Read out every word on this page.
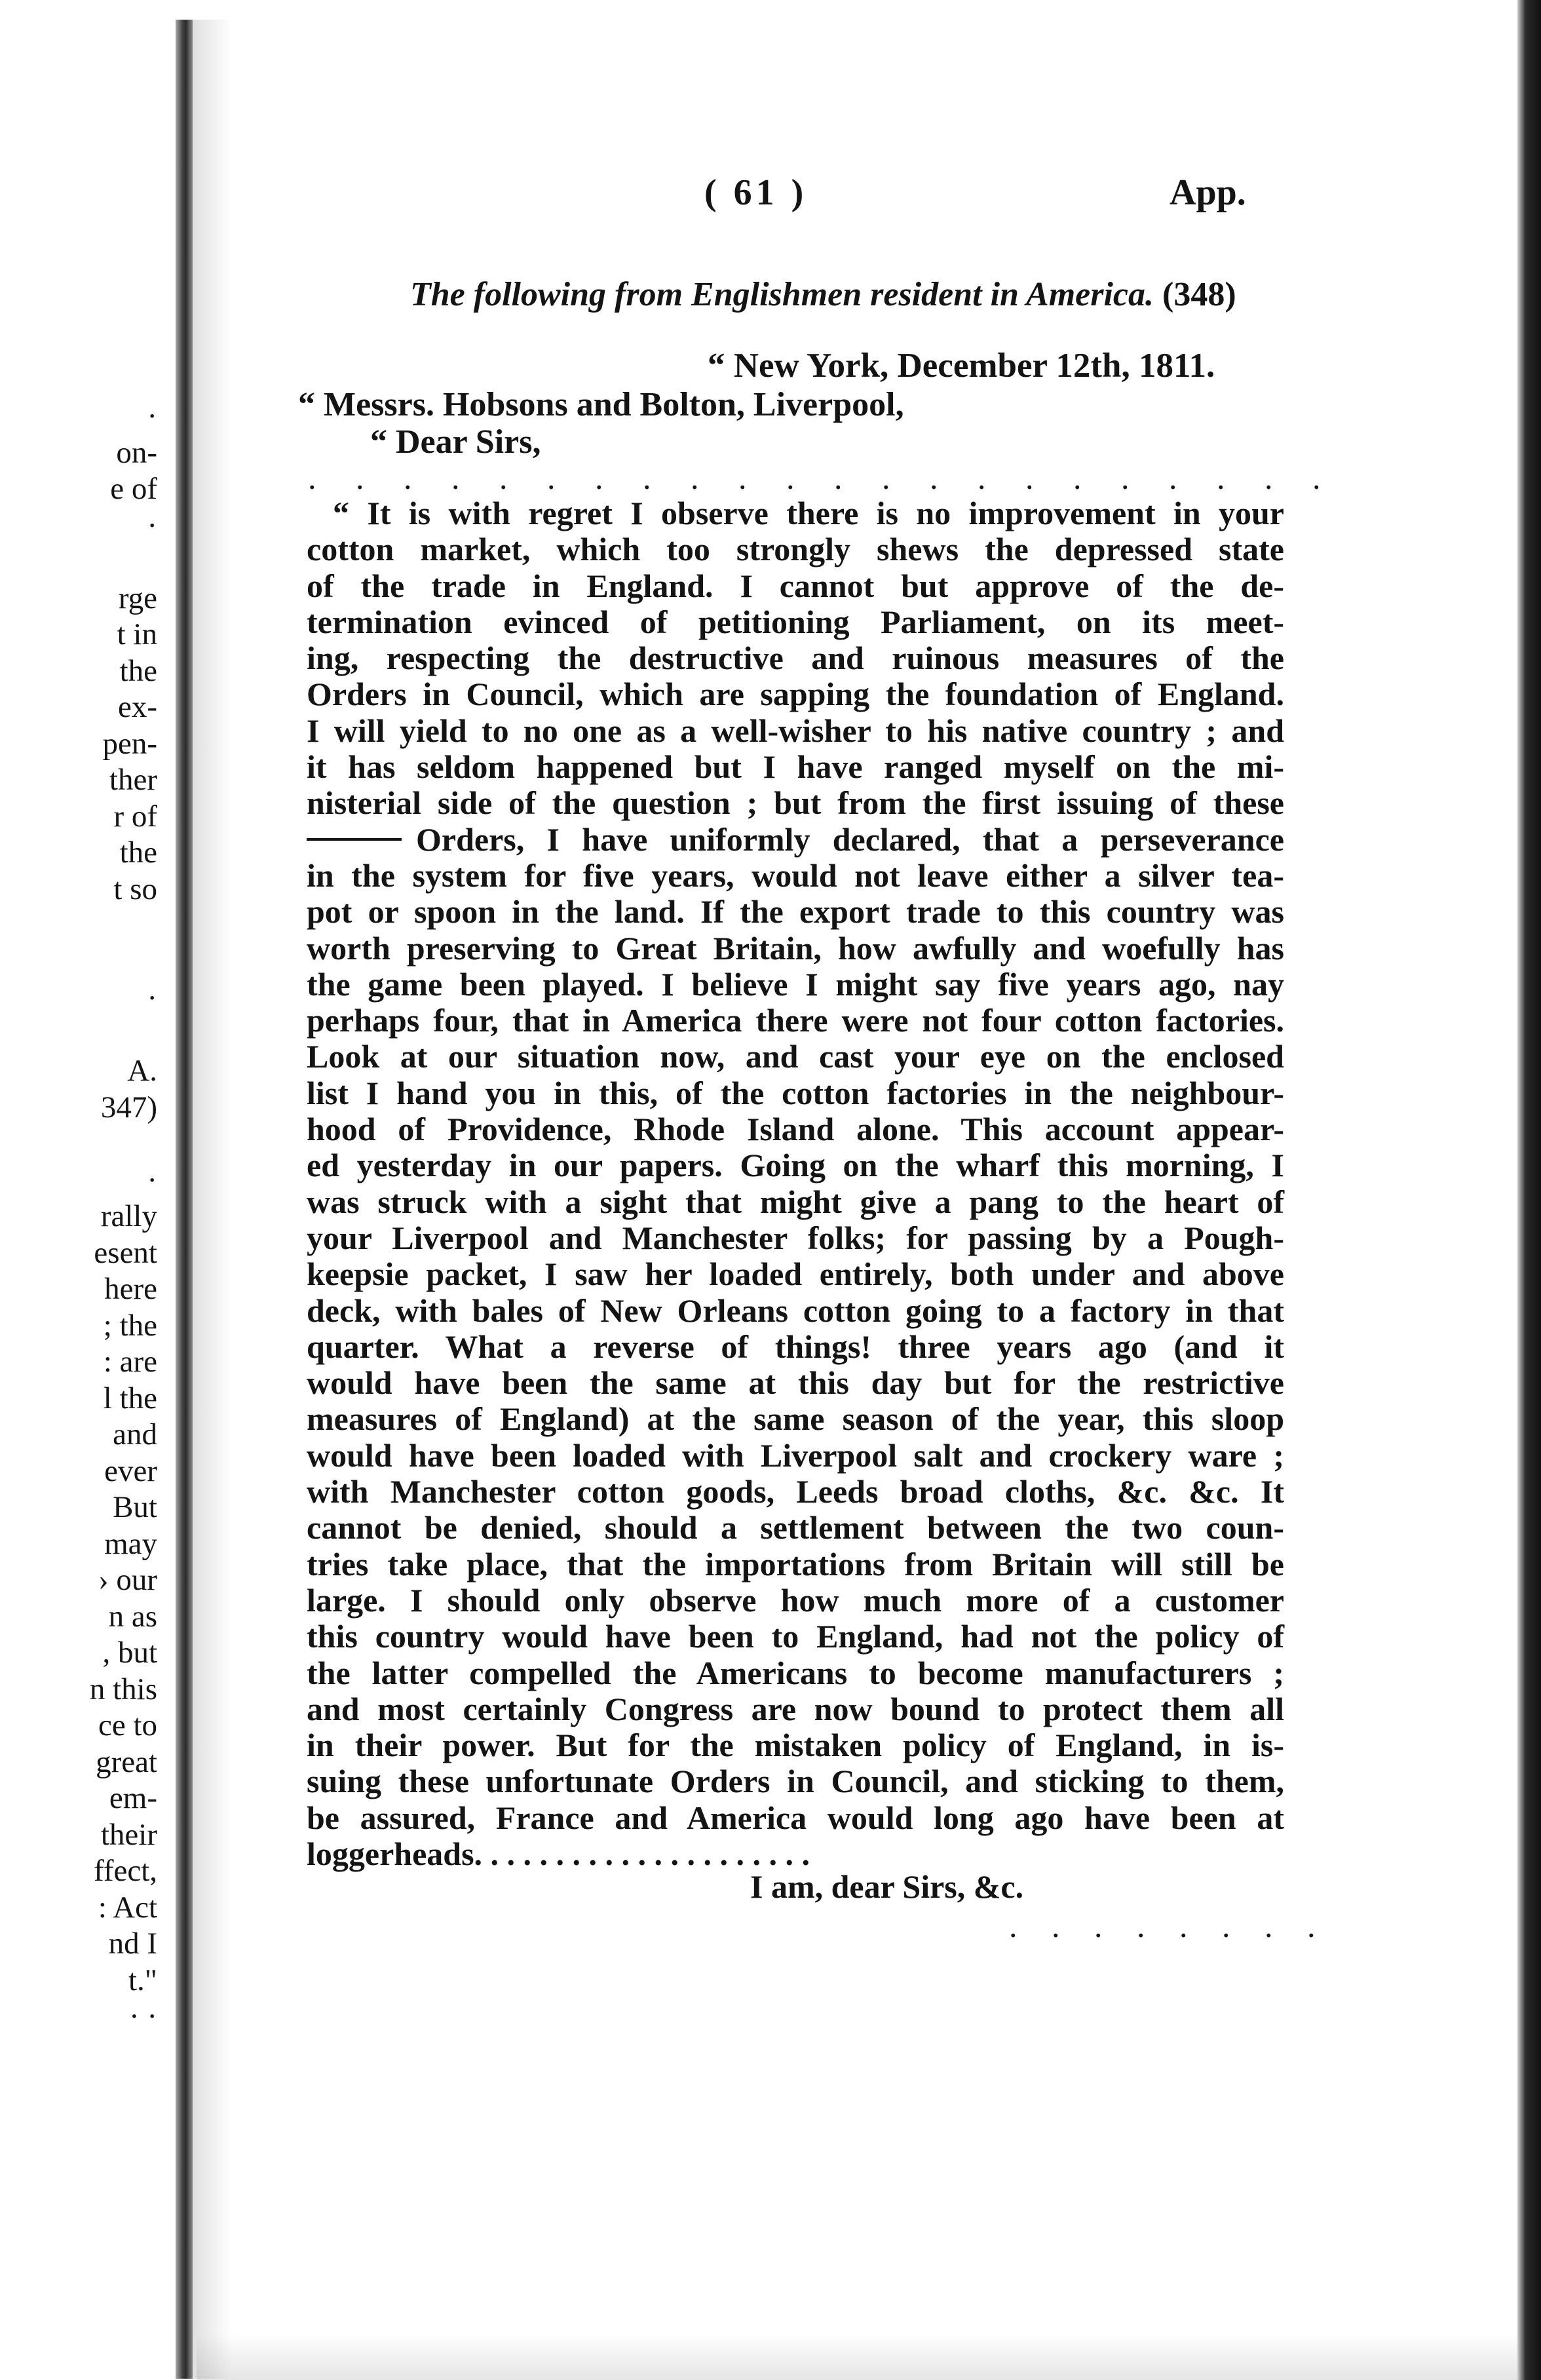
·
on-
e of
·

rge
t in
the
ex-
pen-
ther
r of
the
t so

·

A.
347)

·
rally
esent
here
; the
: are
l the
and
ever
But
may
› our
n as
, but
n this
ce to
great
em-
their
ffect,
: Act
nd I
t."
· ·
( 61 )	App.
The following from Englishmen resident in America. (348)
“ New York, December 12th, 1811.
“ Messrs. Hobsons and Bolton, Liverpool,
“ Dear Sirs,
. . . . . . . . . . . . . . . . . . . . . .
“ It is with regret I observe there is no improvement in your
cotton market, which too strongly shews the depressed state
of the trade in England. I cannot but approve of the de-
termination evinced of petitioning Parliament, on its meet-
ing, respecting the destructive and ruinous measures of the
Orders in Council, which are sapping the foundation of England.
I will yield to no one as a well-wisher to his native country ; and
it has seldom happened but I have ranged myself on the mi-
nisterial side of the question ; but from the first issuing of these
Orders, I have uniformly declared, that a perseverance
in the system for five years, would not leave either a silver tea-
pot or spoon in the land. If the export trade to this country was
worth preserving to Great Britain, how awfully and woefully has
the game been played. I believe I might say five years ago, nay
perhaps four, that in America there were not four cotton factories.
Look at our situation now, and cast your eye on the enclosed
list I hand you in this, of the cotton factories in the neighbour-
hood of Providence, Rhode Island alone. This account appear-
ed yesterday in our papers. Going on the wharf this morning, I
was struck with a sight that might give a pang to the heart of
your Liverpool and Manchester folks; for passing by a Pough-
keepsie packet, I saw her loaded entirely, both under and above
deck, with bales of New Orleans cotton going to a factory in that
quarter. What a reverse of things! three years ago (and it
would have been the same at this day but for the restrictive
measures of England) at the same season of the year, this sloop
would have been loaded with Liverpool salt and crockery ware ;
with Manchester cotton goods, Leeds broad cloths, &c. &c. It
cannot be denied, should a settlement between the two coun-
tries take place, that the importations from Britain will still be
large. I should only observe how much more of a customer
this country would have been to England, had not the policy of
the latter compelled the Americans to become manufacturers ;
and most certainly Congress are now bound to protect them all
in their power. But for the mistaken policy of England, in is-
suing these unfortunate Orders in Council, and sticking to them,
be assured, France and America would long ago have been at
loggerheads. . . . . . . . . . . . . . . . . . . . .
I am, dear Sirs, &c.
. . . . . . . .
